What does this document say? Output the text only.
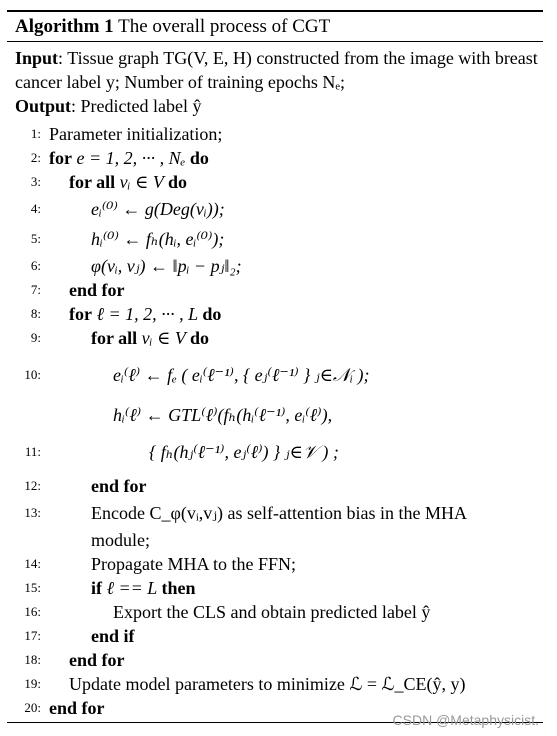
Algorithm 1 The overall process of CGT
Input: Tissue graph TG(V, E, H) constructed from the image with breast cancer label y; Number of training epochs Nₑ;
Output: Predicted label ŷ
1: Parameter initialization;
2: for e = 1, 2, ··· , Nₑ do
3:	for all vᵢ ∈ V do
4:	eᵢ⁽⁰⁾ ← g(Deg(vᵢ));
5:	hᵢ⁽⁰⁾ ← fₕ(hᵢ, eᵢ⁽⁰⁾);
6:	φ(vᵢ, vⱼ) ← ‖pᵢ − pⱼ‖₂;
7:	end for
8:	for ℓ = 1, 2, ··· , L do
9:	for all vᵢ ∈ V do
10:	eᵢ⁽ℓ⁾ ← fₑ ( eᵢ⁽ℓ⁻¹⁾, { eⱼ⁽ℓ⁻¹⁾ } ⱼ∈𝒩ᵢ );
hᵢ⁽ℓ⁾ ← GTL⁽ℓ⁾(fₕ(hᵢ⁽ℓ⁻¹⁾, eᵢ⁽ℓ⁾),
11:	{ fₕ(hⱼ⁽ℓ⁻¹⁾, eⱼ⁽ℓ⁾) } ⱼ∈𝒱 ) ;
12:	end for
13:	Encode C_φ(vᵢ,vⱼ) as self-attention bias in the MHA
module;
14:	Propagate MHA to the FFN;
15:	if ℓ == L then
16:	Export the CLS and obtain predicted label ŷ
17:	end if
18:	end for
19:	Update model parameters to minimize ℒ = ℒ_CE(ŷ, y)
20: end for
CSDN @Metaphysicist.
